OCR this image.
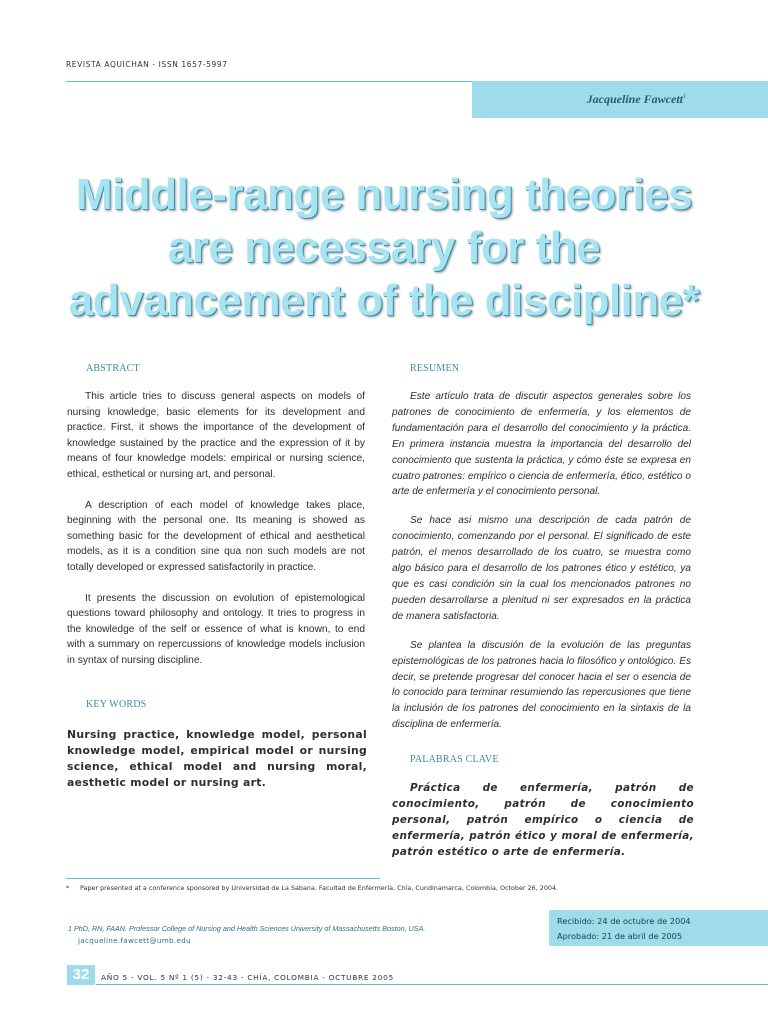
REVISTA AQUICHAN - ISSN 1657-5997
Jacqueline Fawcett$^1$
Middle-range nursing theories
are necessary for the
advancement of the discipline*
ABSTRACT

This article tries to discuss general aspects on models of nursing knowledge, basic elements for its development and practice. First, it shows the importance of the development of knowledge sustained by the practice and the expression of it by means of four knowledge models: empirical or nursing science, ethical, esthetical or nursing art, and personal.

A description of each model of knowledge takes place, beginning with the personal one. Its meaning is showed as something basic for the development of ethical and aesthetical models, as it is a condition sine qua non such models are not totally developed or expressed satisfactorily in practice.

It presents the discussion on evolution of epistemological questions toward philosophy and ontology. It tries to progress in the knowledge of the self or essence of what is known, to end with a summary on repercussions of knowledge models inclusion in syntax of nursing discipline.

KEY WORDS
Nursing practice, knowledge model, personal knowledge model, empirical model or nursing science, ethical model and nursing moral, aesthetic model or nursing art.
RESUMEN

Este artículo trata de discutir aspectos generales sobre los patrones de conocimiento de enfermería, y los elementos de fundamentación para el desarrollo del conocimiento y la práctica. En primera instancia muestra la importancia del desarrollo del conocimiento que sustenta la práctica, y cómo éste se expresa en cuatro patrones: empírico o ciencia de enfermería, ético, estético o arte de enfermería y el conocimiento personal.

Se hace asi mismo una descripción de cada patrón de conocimiento, comenzando por el personal. El significado de este patrón, el menos desarrollado de los cuatro, se muestra como algo básico para el desarrollo de los patrones ético y estético, ya que es casi condición sin la cual los mencionados patrones no pueden desarrollarse a plenitud ni ser expresados en la práctica de manera satisfactoria.

Se plantea la discusión de la evolución de las preguntas epistemológicas de los patrones hacia lo filosófico y ontológico. Es decir, se pretende progresar del conocer hacia el ser o esencia de lo conocido para terminar resumiendo las repercusiones que tiene la inclusión de los patrones del conocimiento en la sintaxis de la disciplina de enfermería.

PALABRAS CLAVE
Práctica de enfermería, patrón de conocimiento, patrón de conocimiento personal, patrón empírico o ciencia de enfermería, patrón ético y moral de enfermería, patrón estético o arte de enfermería.
* Paper presented at a conference sponsored by Universidad de La Sabana. Facultad de Enfermería, Chía, Cundinamarca, Colombia, October 26, 2004.
1 PhD, RN, FAAN. Professor College of Nursing and Health Sciences University of Massachusetts Boston, USA.
jacqueline.fawcett@umb.edu
Recibido: 24 de octubre de 2004
Aprobado: 21 de abril de 2005
32	AÑO 5 - VOL. 5 Nº 1 (5) - 32-43 - CHÍA, COLOMBIA - OCTUBRE 2005
